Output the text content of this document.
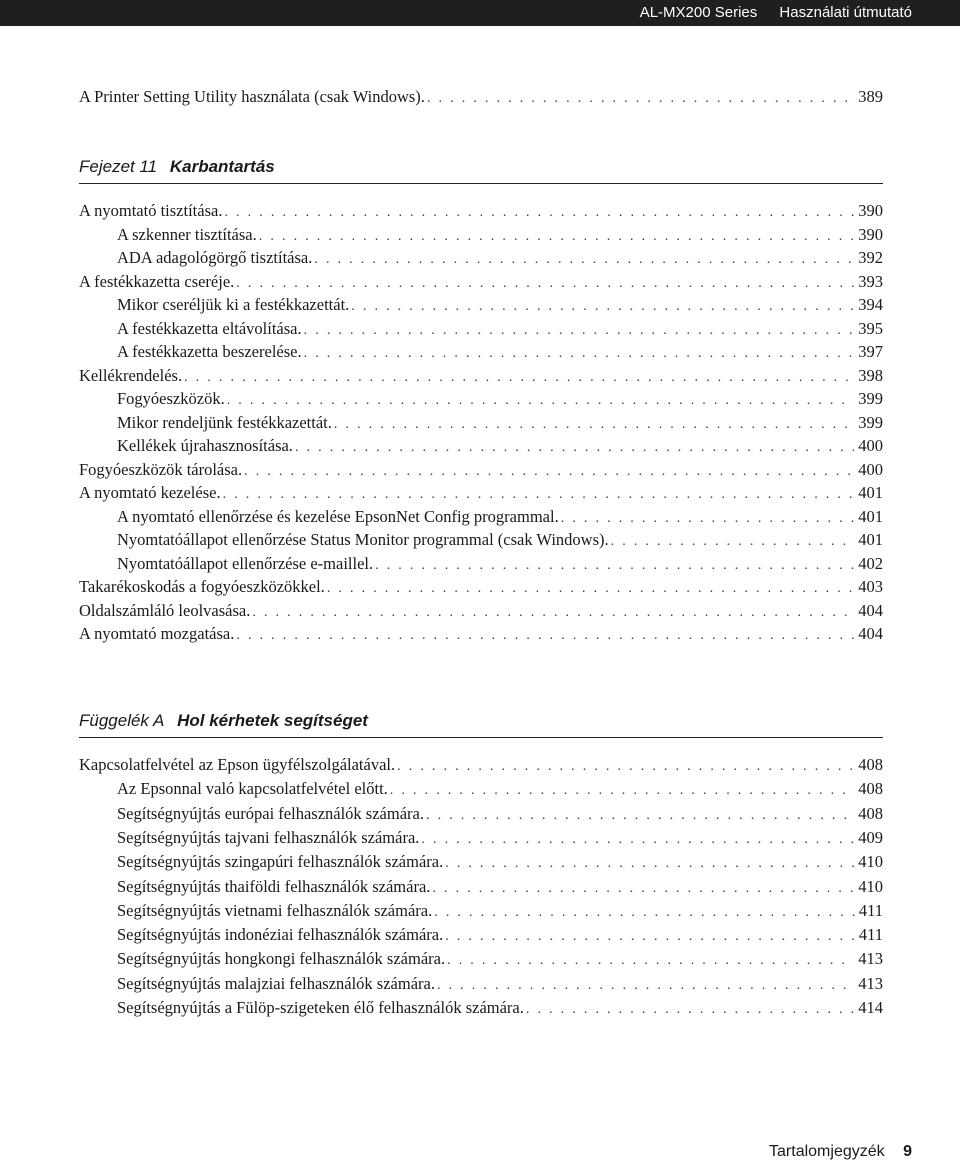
AL-MX200 Series Használati útmutató
A Printer Setting Utility használata (csak Windows). . . .	389
Fejezet 11 Karbantartás
A nyomtató tisztítása. . . .	390
A szkenner tisztítása. . . .	390
ADA adagológörgő tisztítása. . . .	392
A festékkazetta cseréje. . . .	393
Mikor cseréljük ki a festékkazettát. . . .	394
A festékkazetta eltávolítása. . . .	395
A festékkazetta beszerelése. . . .	397
Kellékrendelés. . . .	398
Fogyóeszközök. . . .	399
Mikor rendeljünk festékkazettát. . . .	399
Kellékek újrahasznosítása. . . .	400
Fogyóeszközök tárolása. . . .	400
A nyomtató kezelése. . . .	401
A nyomtató ellenőrzése és kezelése EpsonNet Config programmal. . . .	401
Nyomtatóállapot ellenőrzése Status Monitor programmal (csak Windows). . . .	401
Nyomtatóállapot ellenőrzése e-maillel. . . .	402
Takarékoskodás a fogyóeszközökkel. . . .	403
Oldalszámláló leolvasása. . . .	404
A nyomtató mozgatása. . . .	404
Függelék A Hol kérhetek segítséget
Kapcsolatfelvétel az Epson ügyfélszolgálatával. . . .	408
Az Epsonnal való kapcsolatfelvétel előtt. . . .	408
Segítségnyújtás európai felhasználók számára. . . .	408
Segítségnyújtás tajvani felhasználók számára. . . .	409
Segítségnyújtás szingapúri felhasználók számára. . . .	410
Segítségnyújtás thaiföldi felhasználók számára. . . .	410
Segítségnyújtás vietnami felhasználók számára. . . .	411
Segítségnyújtás indonéziai felhasználók számára. . . .	411
Segítségnyújtás hongkongi felhasználók számára. . . .	413
Segítségnyújtás malajziai felhasználók számára. . . .	413
Segítségnyújtás a Fülöp-szigeteken élő felhasználók számára. . . .	414
Tartalomjegyzék 9
